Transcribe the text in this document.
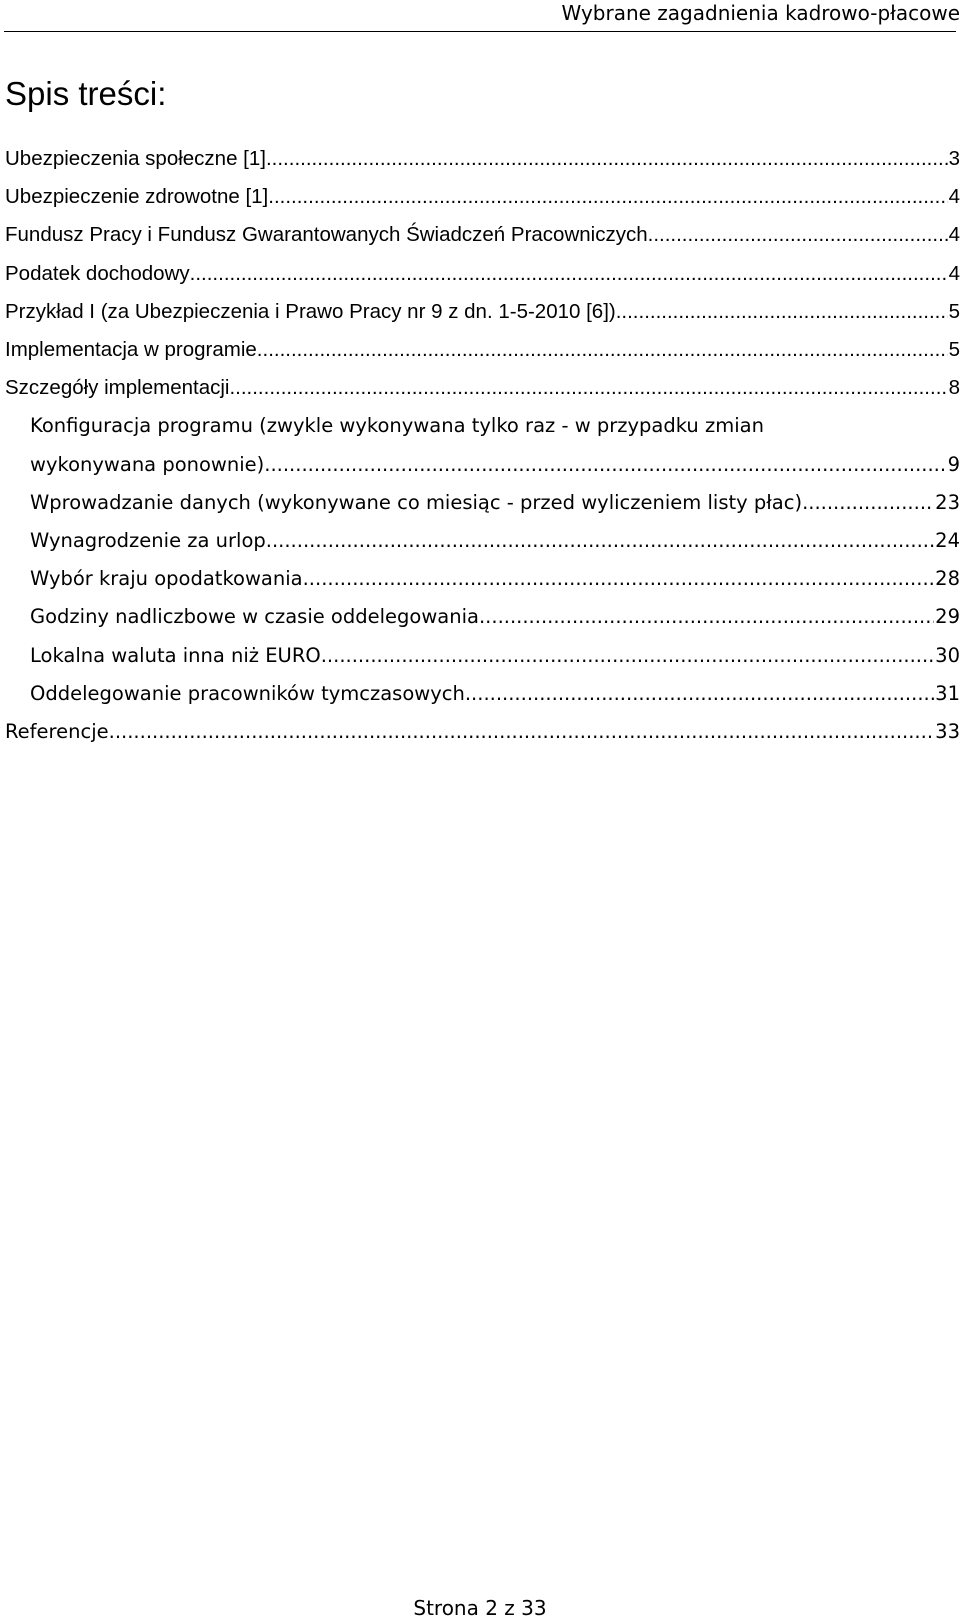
Wybrane zagadnienia kadrowo-płacowe
Spis treści:
Ubezpieczenia społeczne [1] .....	3
Ubezpieczenie zdrowotne [1] .....	4
Fundusz Pracy i Fundusz Gwarantowanych Świadczeń Pracowniczych .....	4
Podatek dochodowy .....	4
Przykład I (za Ubezpieczenia i Prawo Pracy nr 9 z dn. 1-5-2010 [6]) .....	5
Implementacja w programie .....	5
Szczegóły implementacji .....	8
Konfiguracja programu (zwykle wykonywana tylko raz - w przypadku zmian
wykonywana ponownie) .....	9
Wprowadzanie danych (wykonywane co miesiąc - przed wyliczeniem listy płac) .....	23
Wynagrodzenie za urlop .....	24
Wybór kraju opodatkowania .....	28
Godziny nadliczbowe w czasie oddelegowania .....	29
Lokalna waluta inna niż EURO .....	30
Oddelegowanie pracowników tymczasowych .....	31
Referencje .....	33
Strona 2 z 33
